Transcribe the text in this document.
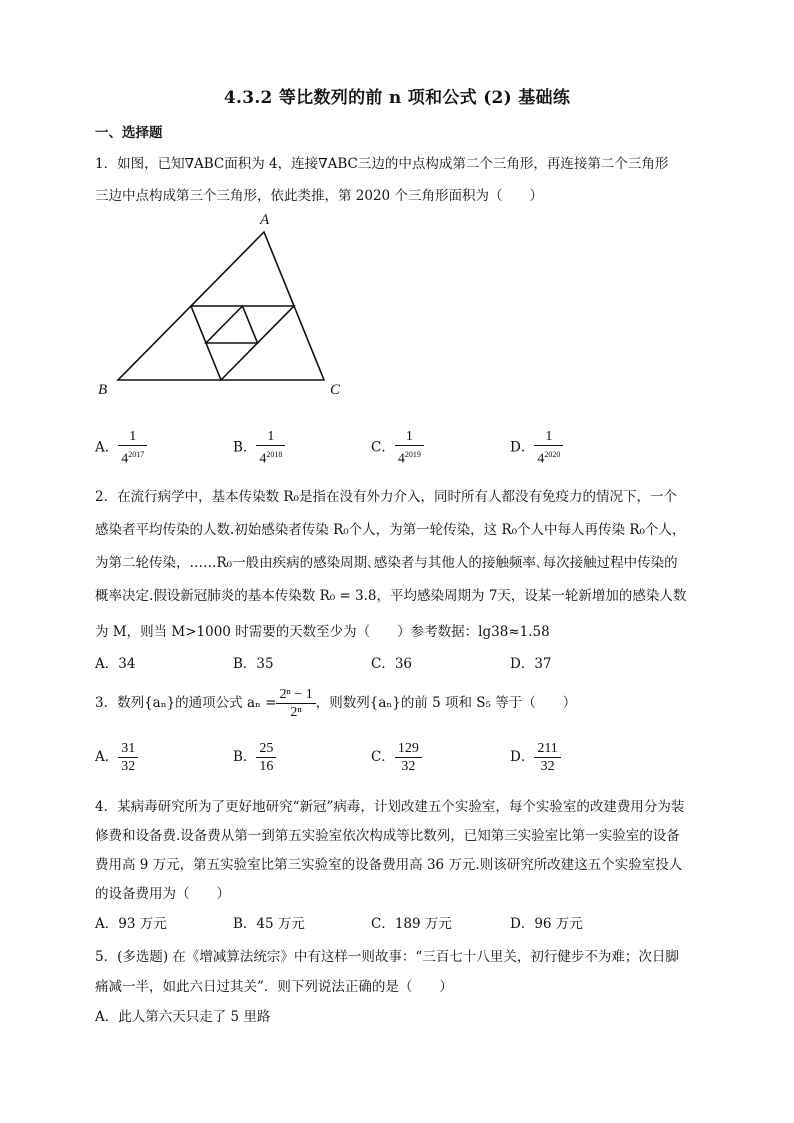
4.3.2 等比数列的前 n 项和公式 (2) 基础练
一、选择题
1．如图，已知∇ABC面积为 4，连接∇ABC三边的中点构成第二个三角形，再连接第二个三角形
三边中点构成第三个三角形，依此类推，第 2020 个三角形面积为（　　）
A
B	C
A． $\frac{1}{4^{2017}}$	B． $\frac{1}{4^{2018}}$	C． $\frac{1}{4^{2019}}$	D． $\frac{1}{4^{2020}}$
2．在流行病学中，基本传染数 R₀是指在没有外力介入，同时所有人都没有免疫力的情况下，一个
感染者平均传染的人数.初始感染者传染 R₀个人，为第一轮传染，这 R₀个人中每人再传染 R₀个人，
为第二轮传染，……R₀一般由疾病的感染周期､感染者与其他人的接触频率､每次接触过程中传染的
概率决定.假设新冠肺炎的基本传染数 R₀ = 3.8，平均感染周期为 7天，设某一轮新增加的感染人数
为 M，则当 M>1000 时需要的天数至少为（　　）参考数据：lg38≈1.58
A．34	B．35	C．36	D．37
3．数列{aₙ}的通项公式 $a_n = \frac{\text{2ⁿ − 1}}{\text{2ⁿ}}$ ，则数列{aₙ}的前 5 项和 S₅ 等于（　　）
A． $\frac{31}{32}$	B． $\frac{25}{16}$	C． $\frac{129}{32}$	D． $\frac{211}{32}$
4．某病毒研究所为了更好地研究“新冠”病毒，计划改建五个实验室，每个实验室的改建费用分为装
修费和设备费.设备费从第一到第五实验室依次构成等比数列，已知第三实验室比第一实验室的设备
费用高 9 万元，第五实验室比第三实验室的设备费用高 36 万元.则该研究所改建这五个实验室投人
的设备费用为（　　）
A．93 万元	B．45 万元	C．189 万元	D．96 万元
5．(多选题) 在《增减算法统宗》中有这样一则故事：“三百七十八里关，初行健步不为难；次日脚
痛减一半，如此六日过其关”．则下列说法正确的是（　　）
A．此人第六天只走了 5 里路
